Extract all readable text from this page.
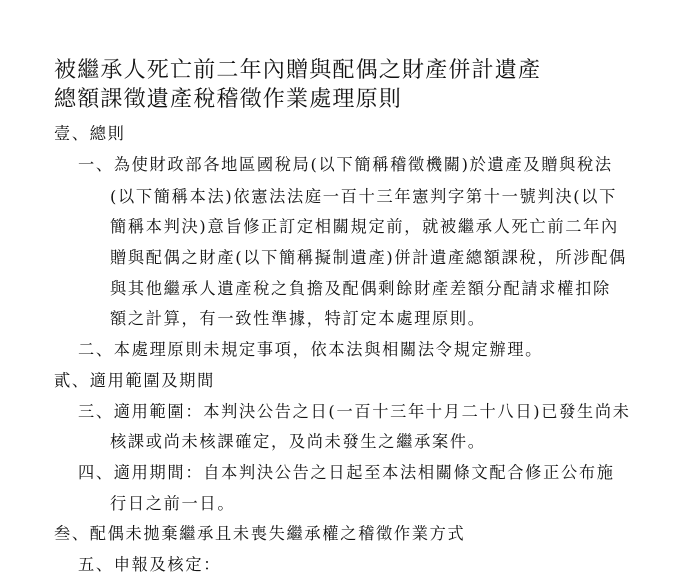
被繼承人死亡前二年內贈與配偶之財產併計遺產
總額課徵遺產稅稽徵作業處理原則
壹、總則
一、為使財政部各地區國稅局(以下簡稱稽徵機關)於遺產及贈與稅法
(以下簡稱本法)依憲法法庭一百十三年憲判字第十一號判決(以下
簡稱本判決)意旨修正訂定相關規定前，就被繼承人死亡前二年內
贈與配偶之財產(以下簡稱擬制遺產)併計遺產總額課稅，所涉配偶
與其他繼承人遺產稅之負擔及配偶剩餘財產差額分配請求權扣除
額之計算，有一致性準據，特訂定本處理原則。
二、本處理原則未規定事項，依本法與相關法令規定辦理。
貳、適用範圍及期間
三、適用範圍：本判決公告之日(一百十三年十月二十八日)已發生尚未
核課或尚未核課確定，及尚未發生之繼承案件。
四、適用期間：自本判決公告之日起至本法相關條文配合修正公布施
行日之前一日。
叁、配偶未拋棄繼承且未喪失繼承權之稽徵作業方式
五、申報及核定：
